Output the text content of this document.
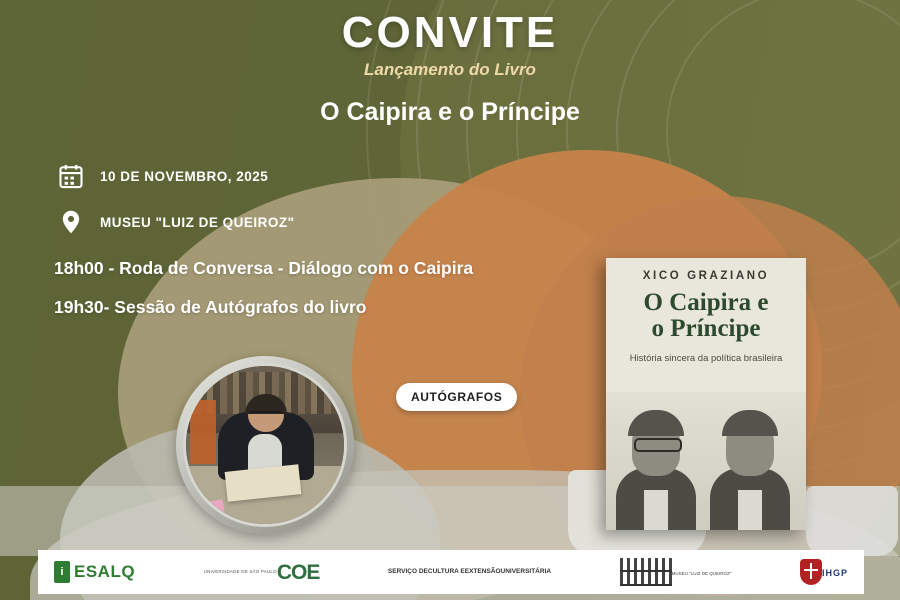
CONVITE
Lançamento do Livro
O Caipira e o Príncipe
10 DE NOVEMBRO, 2025
MUSEU "LUIZ DE QUEIROZ"
18h00 - Roda de Conversa - Diálogo com o Caipira
19h30- Sessão de Autógrafos do livro
AUTÓGRAFOS
XICO GRAZIANO
O Caipira e
o Príncipe
História sincera da política brasileira
i ESALQ	UNIVERSIDADE DE SÃO PAULO COE	SERVIÇO DE CULTURA E EXTENSÃO UNIVERSITÁRIA	MUSEU "LUIZ DE QUEIROZ"	IHGP
